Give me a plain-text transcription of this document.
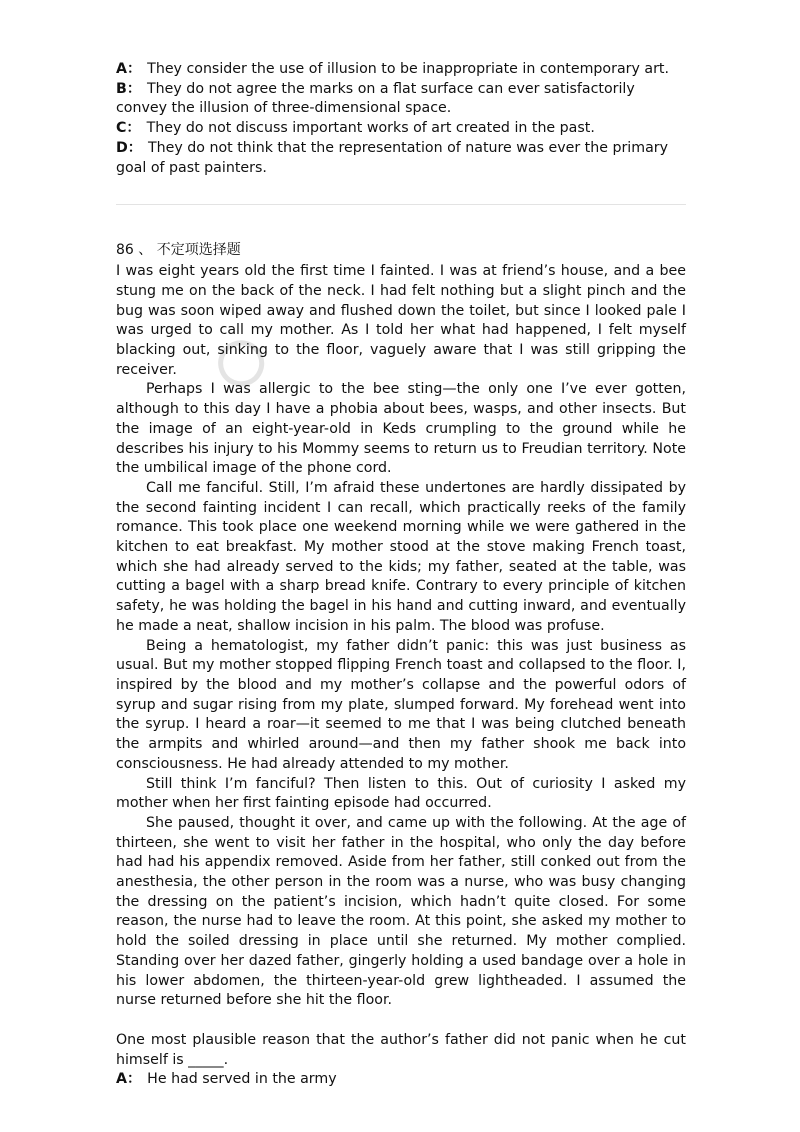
A： They consider the use of illusion to be inappropriate in contemporary art.

B： They do not agree the marks on a flat surface can ever satisfactorily convey the illusion of three-dimensional space.

C： They do not discuss important works of art created in the past.

D： They do not think that the representation of nature was ever the primary goal of past painters.

86 、 不定项选择题

I was eight years old the first time I fainted. I was at friend’s house, and a bee stung me on the back of the neck. I had felt nothing but a slight pinch and the bug was soon wiped away and flushed down the toilet, but since I looked pale I was urged to call my mother. As I told her what had happened, I felt myself blacking out, sinking to the floor, vaguely aware that I was still gripping the receiver.

Perhaps I was allergic to the bee sting—the only one I’ve ever gotten, although to this day I have a phobia about bees, wasps, and other insects. But the image of an eight-year-old in Keds crumpling to the ground while he describes his injury to his Mommy seems to return us to Freudian territory. Note the umbilical image of the phone cord.

Call me fanciful. Still, I’m afraid these undertones are hardly dissipated by the second fainting incident I can recall, which practically reeks of the family romance. This took place one weekend morning while we were gathered in the kitchen to eat breakfast. My mother stood at the stove making French toast, which she had already served to the kids; my father, seated at the table, was cutting a bagel with a sharp bread knife. Contrary to every principle of kitchen safety, he was holding the bagel in his hand and cutting inward, and eventually he made a neat, shallow incision in his palm. The blood was profuse.

Being a hematologist, my father didn’t panic: this was just business as usual. But my mother stopped flipping French toast and collapsed to the floor. I, inspired by the blood and my mother’s collapse and the powerful odors of syrup and sugar rising from my plate, slumped forward. My forehead went into the syrup. I heard a roar—it seemed to me that I was being clutched beneath the armpits and whirled around—and then my father shook me back into consciousness. He had already attended to my mother.

Still think I’m fanciful? Then listen to this. Out of curiosity I asked my mother when her first fainting episode had occurred.

She paused, thought it over, and came up with the following. At the age of thirteen, she went to visit her father in the hospital, who only the day before had had his appendix removed. Aside from her father, still conked out from the anesthesia, the other person in the room was a nurse, who was busy changing the dressing on the patient’s incision, which hadn’t quite closed. For some reason, the nurse had to leave the room. At this point, she asked my mother to hold the soiled dressing in place until she returned. My mother complied. Standing over her dazed father, gingerly holding a used bandage over a hole in his lower abdomen, the thirteen-year-old grew lightheaded. I assumed the nurse returned before she hit the floor.

One most plausible reason that the author’s father did not panic when he cut himself is _____.

A： He had served in the army
